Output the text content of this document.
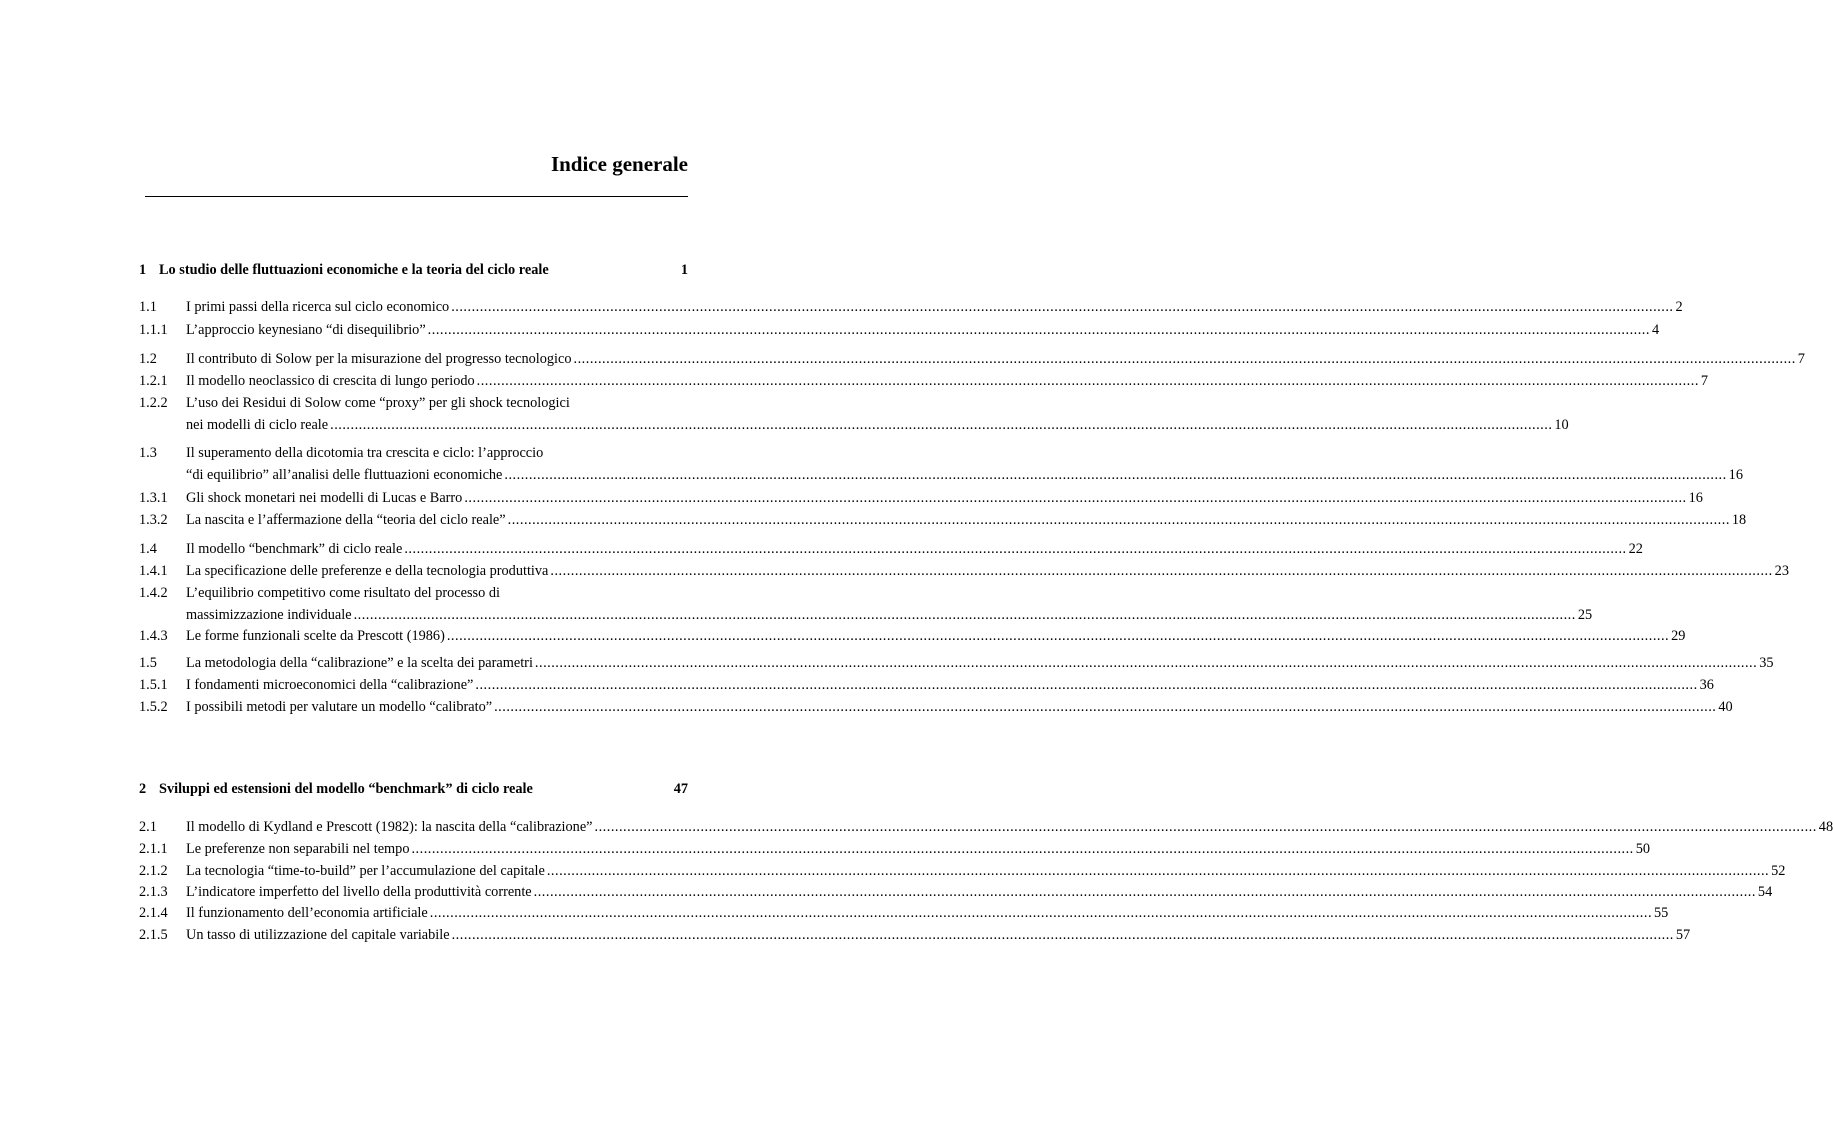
Indice generale
1 Lo studio delle fluttuazioni economiche e la teoria del ciclo reale	1
1.1 I primi passi della ricerca sul ciclo economico ............................................................................................................................................................................................................................................................................................................ 2
1.1.1 L’approccio keynesiano “di disequilibrio” ............................................................................................................................................................................................................................................................................................................ 4
1.2 Il contributo di Solow per la misurazione del progresso tecnologico ............................................................................................................................................................................................................................................................................................................ 7
1.2.1 Il modello neoclassico di crescita di lungo periodo ............................................................................................................................................................................................................................................................................................................ 7
1.2.2 L’uso dei Residui di Solow come “proxy” per gli shock tecnologici
nei modelli di ciclo reale ............................................................................................................................................................................................................................................................................................................ 10
1.3 Il superamento della dicotomia tra crescita e ciclo: l’approccio
“di equilibrio” all’analisi delle fluttuazioni economiche ............................................................................................................................................................................................................................................................................................................ 16
1.3.1 Gli shock monetari nei modelli di Lucas e Barro ............................................................................................................................................................................................................................................................................................................ 16
1.3.2 La nascita e l’affermazione della “teoria del ciclo reale” ............................................................................................................................................................................................................................................................................................................ 18
1.4 Il modello “benchmark” di ciclo reale ............................................................................................................................................................................................................................................................................................................ 22
1.4.1 La specificazione delle preferenze e della tecnologia produttiva ............................................................................................................................................................................................................................................................................................................ 23
1.4.2 L’equilibrio competitivo come risultato del processo di
massimizzazione individuale ............................................................................................................................................................................................................................................................................................................ 25
1.4.3 Le forme funzionali scelte da Prescott (1986) ............................................................................................................................................................................................................................................................................................................ 29
1.5 La metodologia della “calibrazione” e la scelta dei parametri ............................................................................................................................................................................................................................................................................................................ 35
1.5.1 I fondamenti microeconomici della “calibrazione” ............................................................................................................................................................................................................................................................................................................ 36
1.5.2 I possibili metodi per valutare un modello “calibrato” ............................................................................................................................................................................................................................................................................................................ 40
2 Sviluppi ed estensioni del modello “benchmark” di ciclo reale	47
2.1 Il modello di Kydland e Prescott (1982): la nascita della “calibrazione” ............................................................................................................................................................................................................................................................................................................ 48
2.1.1 Le preferenze non separabili nel tempo ............................................................................................................................................................................................................................................................................................................ 50
2.1.2 La tecnologia “time-to-build” per l’accumulazione del capitale ............................................................................................................................................................................................................................................................................................................ 52
2.1.3 L’indicatore imperfetto del livello della produttività corrente ............................................................................................................................................................................................................................................................................................................ 54
2.1.4 Il funzionamento dell’economia artificiale ............................................................................................................................................................................................................................................................................................................ 55
2.1.5 Un tasso di utilizzazione del capitale variabile ............................................................................................................................................................................................................................................................................................................ 57
